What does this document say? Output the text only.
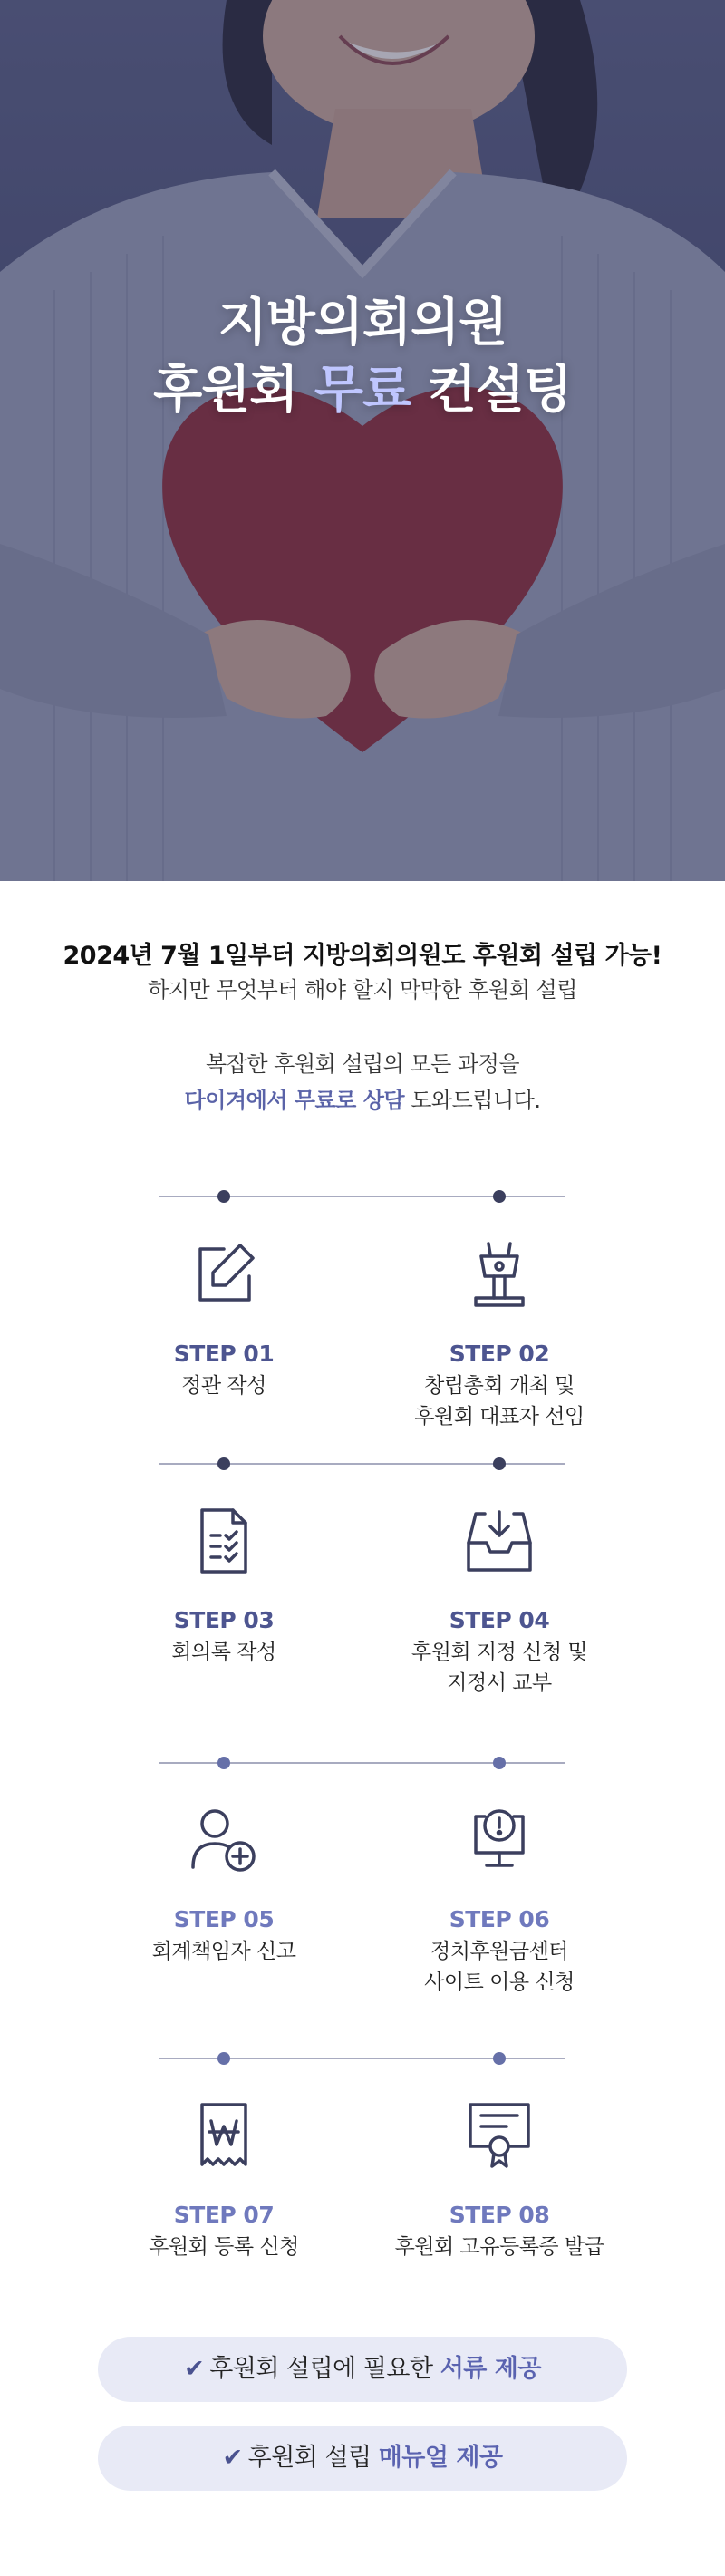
지방의회의원
후원회 무료 컨설팅

2024년 7월 1일부터 지방의회의원도 후원회 설립 가능!

하지만 무엇부터 해야 할지 막막한 후원회 설립

복잡한 후원회 설립의 모든 과정을

다이겨에서 무료로 상담 도와드립니다.

STEP 01
정관 작성
STEP 02
창립총회 개최 및
후원회 대표자 선임
STEP 03
회의록 작성
STEP 04
후원회 지정 신청 및
지정서 교부
STEP 05
회계책임자 신고
STEP 06
정치후원금센터
사이트 이용 신청
STEP 07
후원회 등록 신청
STEP 08
후원회 고유등록증 발급
✔ 후원회 설립에 필요한 서류 제공
✔ 후원회 설립 매뉴얼 제공
